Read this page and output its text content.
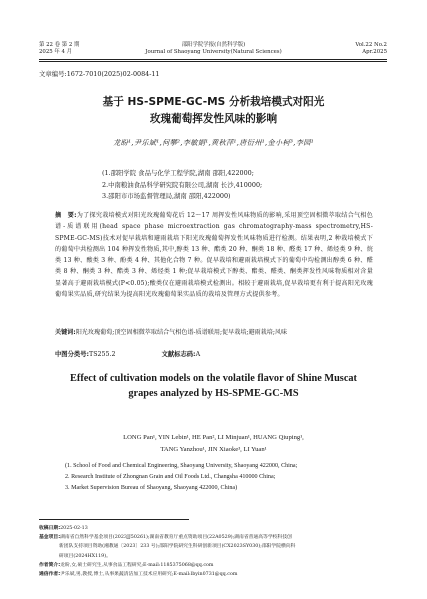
第 22 卷 第 2 期
2025 年 4 月
邵阳学院学报(自然科学版)
Journal of Shaoyang University(Natural Sciences)
Vol.22 No.2
Apr.2025
文章编号:1672-7010(2025)02-0084-11
基于 HS-SPME-GC-MS 分析栽培模式对阳光
玫瑰葡萄挥发性风味的影响
龙盼¹,尹乐斌¹,何攀²,李敏娟¹,黄秋萍¹,唐衍州¹,金小柯³,李园¹
(1.邵阳学院 食品与化学工程学院,湖南 邵阳,422000;
2.中南粮油食品科学研究院有限公司,湖南 长沙,410000;
3.邵阳市市场监督管理局,湖南 邵阳,422000)
摘　要:为了探究栽培模式对阳光玫瑰葡萄花后 12～17 周挥发性风味物质的影响,采用顶空固相微萃取结合气相色谱-质谱联用(head space phase microextraction gas chromatography-mass spectrometry,HS-SPME-GC-MS)技术对促早栽培和避雨栽培下阳光玫瑰葡萄挥发性风味物质进行检测。结果表明,2 种栽培模式下的葡萄中共检测出 104 种挥发性物质,其中,醇类 13 种、酯类 20 种、酮类 18 种、醛类 17 种、烯烃类 9 种、烷类 13 种、酸类 3 种、酚类 4 种、其他化合物 7 种。促早栽培和避雨栽培模式下的葡萄中均检测出醇类 6 种、醛类 8 种、酮类 3 种、酯类 3 种、烯烃类 1 种;促早栽培模式下醇类、酯类、醛类、酮类挥发性风味物质相对含量显著高于避雨栽培模式(P<0.05);酸类仅在避雨栽培模式检测出。相较于避雨栽培,促早栽培更有利于提高阳光玫瑰葡萄果实品质,研究结果为提高阳光玫瑰葡萄果实品质的栽培及管理方式提供参考。
关键词:阳光玫瑰葡萄;顶空固相微萃取结合气相色谱-质谱联用;促早栽培;避雨栽培;风味
中图分类号:TS255.2	文献标志码:A
Effect of cultivation models on the volatile flavor of Shine Muscat
grapes analyzed by HS-SPME-GC-MS
LONG Pan¹, YIN Lebin¹, HE Pan², LI Minjuan¹, HUANG Qiuping¹,
TANG Yanzhou¹, JIN Xiaoke³, LI Yuan¹
(1. School of Food and Chemical Engineering, Shaoyang University, Shaoyang 422000, China;
2. Research Institute of Zhongnan Grain and Oil Foods Ltd., Changsha 410000 China;
3. Market Supervision Bureau of Shaoyang, Shaoyang 422000, China)
收稿日期:2025-02-13
基金项目:湖南省自然科学基金项目(2023JJ50261);湖南省教育厅重点资助项目(22A0529);湖南省普通高等学校科技创
新团队支持项目资助(湘教通〔2023〕233 号);邵阳学院研究生科研创新项目(CX2023SY030);邵阳学院横向科
研项目(2024HX119)。
作者简介:龙盼,女,硕士研究生,从事食品工程研究;E-mail:1185375068@qq.com
通信作者:尹乐斌,男,教授,博士,从事果蔬清洁加工技术应用研究;E-mail:lbyin0731@qq.com
